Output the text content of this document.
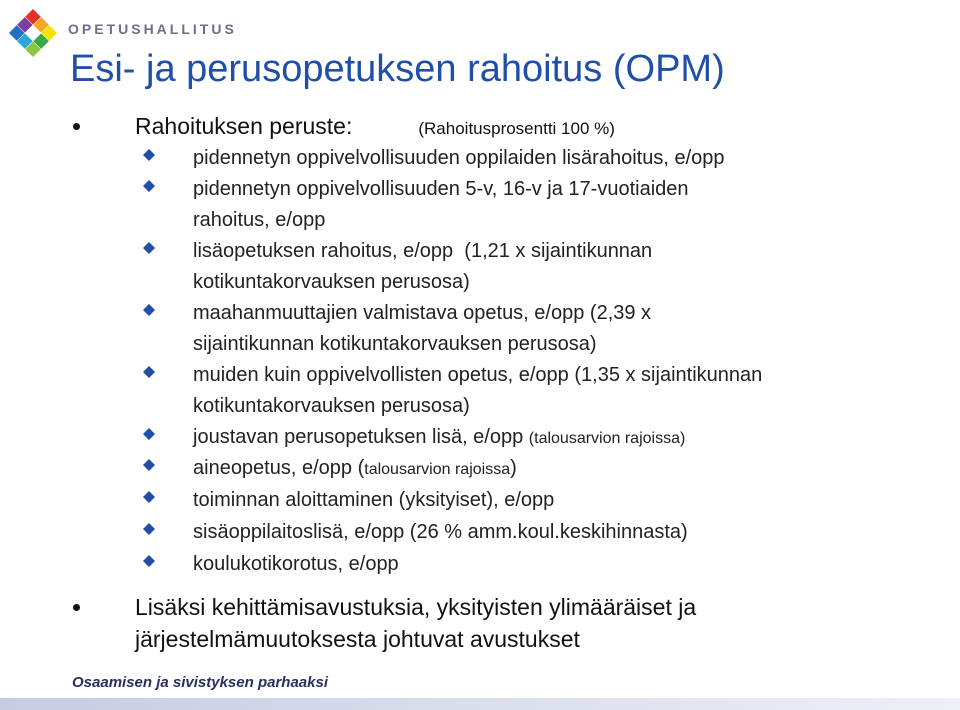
OPETUSHALLITUS
Esi- ja perusopetuksen rahoitus (OPM)
Rahoituksen peruste:	(Rahoitusprosentti 100 %)
pidennetyn oppivelvollisuuden oppilaiden lisärahoitus, e/opp
pidennetyn oppivelvollisuuden 5-v, 16-v ja 17-vuotiaiden
rahoitus, e/opp
lisäopetuksen rahoitus, e/opp  (1,21 x sijaintikunnan
kotikuntakorvauksen perusosa)
maahanmuuttajien valmistava opetus, e/opp (2,39 x
sijaintikunnan kotikuntakorvauksen perusosa)
muiden kuin oppivelvollisten opetus, e/opp (1,35 x sijaintikunnan
kotikuntakorvauksen perusosa)
joustavan perusopetuksen lisä, e/opp (talousarvion rajoissa)
aineopetus, e/opp (talousarvion rajoissa)
toiminnan aloittaminen (yksityiset), e/opp
sisäoppilaitoslisä, e/opp (26 % amm.koul.keskihinnasta)
koulukotikorotus, e/opp
Lisäksi kehittämisavustuksia, yksityisten ylimääräiset ja
järjestelmämuutoksesta johtuvat avustukset
Osaamisen ja sivistyksen parhaaksi
